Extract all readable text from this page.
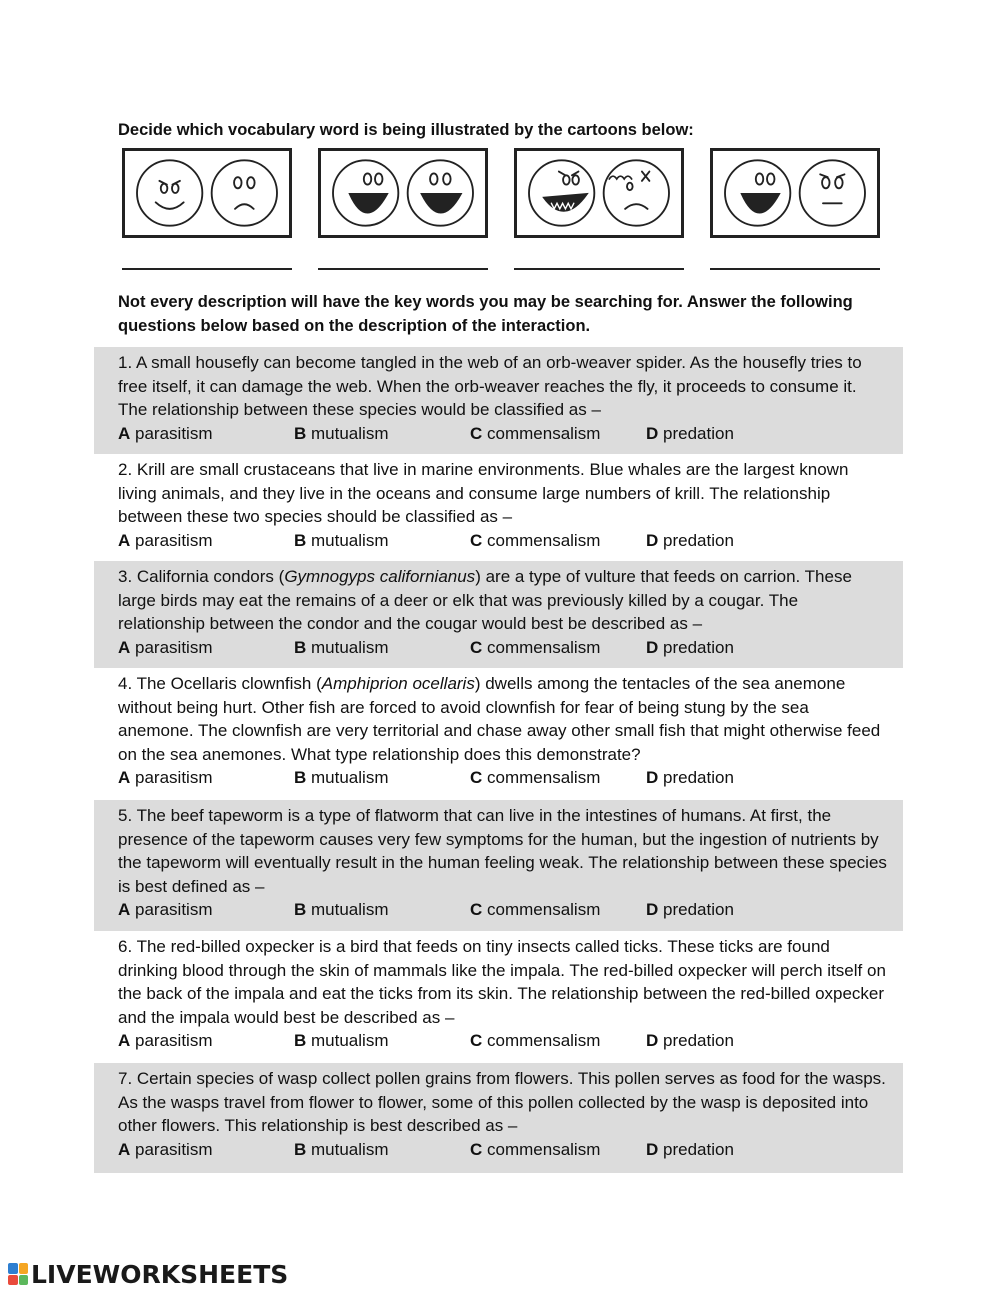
Decide which vocabulary word is being illustrated by the cartoons below:
Not every description will have the key words you may be searching for. Answer the following questions below based on the description of the interaction.
1. A small housefly can become tangled in the web of an orb-weaver spider. As the housefly tries to free itself, it can damage the web. When the orb-weaver reaches the fly, it proceeds to consume it. The relationship between these species would be classified as –
A parasitism	B mutualism	C commensalism	D predation
2. Krill are small crustaceans that live in marine environments. Blue whales are the largest known living animals, and they live in the oceans and consume large numbers of krill. The relationship between these two species should be classified as –
A parasitism	B mutualism	C commensalism	D predation
3. California condors (Gymnogyps californianus) are a type of vulture that feeds on carrion. These large birds may eat the remains of a deer or elk that was previously killed by a cougar. The relationship between the condor and the cougar would best be described as –
A parasitism	B mutualism	C commensalism	D predation
4. The Ocellaris clownfish (Amphiprion ocellaris) dwells among the tentacles of the sea anemone without being hurt. Other fish are forced to avoid clownfish for fear of being stung by the sea anemone. The clownfish are very territorial and chase away other small fish that might otherwise feed on the sea anemones. What type relationship does this demonstrate?
A parasitism	B mutualism	C commensalism	D predation
5. The beef tapeworm is a type of flatworm that can live in the intestines of humans. At first, the presence of the tapeworm causes very few symptoms for the human, but the ingestion of nutrients by the tapeworm will eventually result in the human feeling weak. The relationship between these species is best defined as –
A parasitism	B mutualism	C commensalism	D predation
6. The red-billed oxpecker is a bird that feeds on tiny insects called ticks. These ticks are found drinking blood through the skin of mammals like the impala. The red-billed oxpecker will perch itself on the back of the impala and eat the ticks from its skin. The relationship between the red-billed oxpecker and the impala would best be described as –
A parasitism	B mutualism	C commensalism	D predation
7. Certain species of wasp collect pollen grains from flowers. This pollen serves as food for the wasps. As the wasps travel from flower to flower, some of this pollen collected by the wasp is deposited into other flowers. This relationship is best described as –
A parasitism	B mutualism	C commensalism	D predation
LIVEWORKSHEETS
